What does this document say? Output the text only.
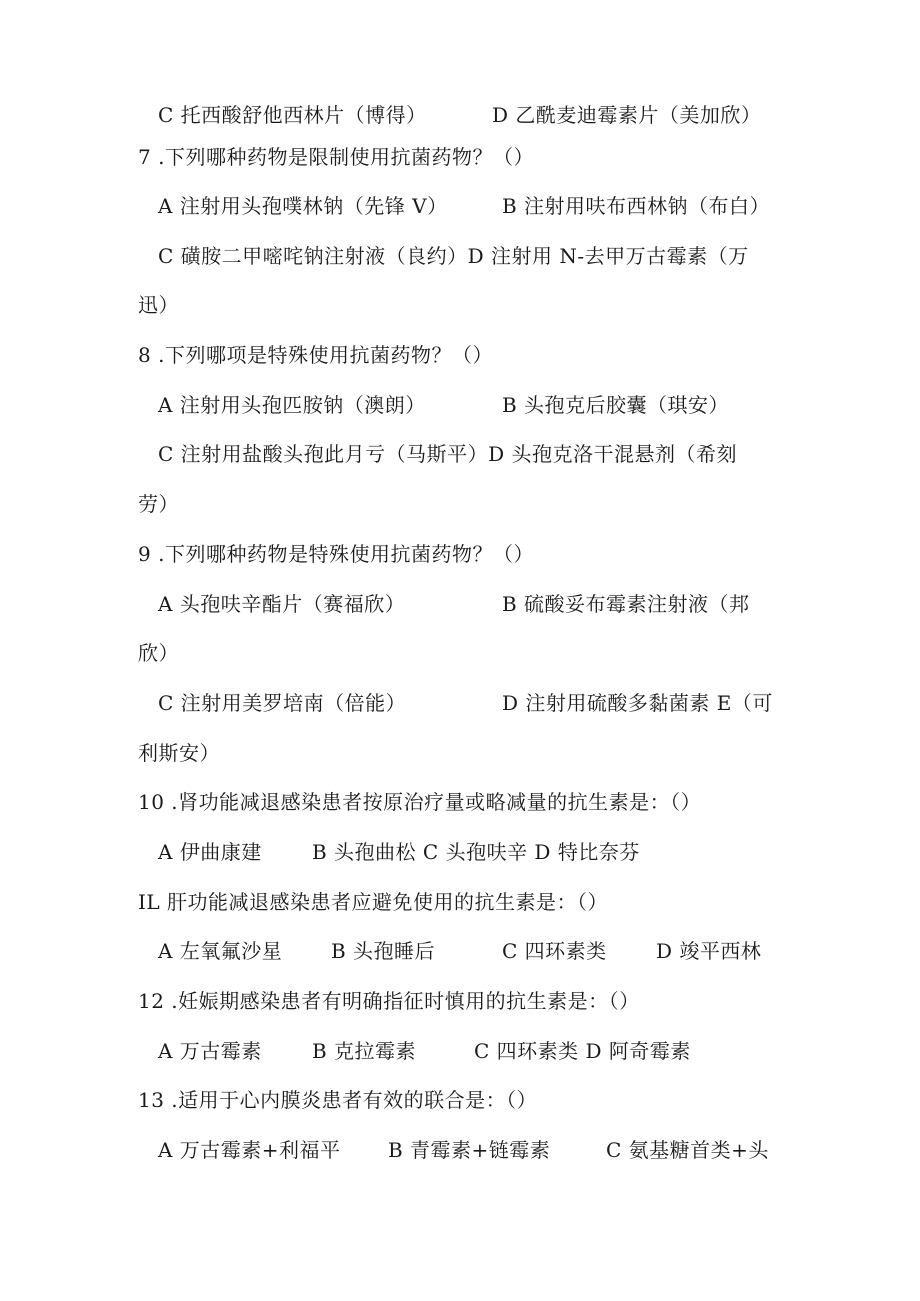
C 托西酸舒他西林片（博得）	D 乙酰麦迪霉素片（美加欣）
7 .下列哪种药物是限制使用抗菌药物？（）
A 注射用头孢噗林钠（先锋 V）	B 注射用呋布西林钠（布白）
C 磺胺二甲嘧咤钠注射液（良约）D 注射用 N-去甲万古霉素（万
迅）
8 .下列哪项是特殊使用抗菌药物？（）
A 注射用头孢匹胺钠（澳朗）	B 头孢克后胶囊（琪安）
C 注射用盐酸头孢此月亏（马斯平）D 头孢克洛干混悬剂（希刻
劳）
9 .下列哪种药物是特殊使用抗菌药物？（）
A 头孢呋辛酯片（赛福欣）	B 硫酸妥布霉素注射液（邦
欣）
C 注射用美罗培南（倍能）	D 注射用硫酸多黏菌素 E（可
利斯安）
10 .肾功能减退感染患者按原治疗量或略减量的抗生素是：（）
A 伊曲康建	B 头孢曲松 C 头孢呋辛 D 特比奈芬
IL 肝功能减退感染患者应避免使用的抗生素是：（）
A 左氧氟沙星 B 头孢睡后	C 四环素类 D 竣平西林
12 .妊娠期感染患者有明确指征时慎用的抗生素是：（）
A 万古霉素	B 克拉霉素	C 四环素类 D 阿奇霉素
13 .适用于心内膜炎患者有效的联合是：（）
A 万古霉素+利福平 B 青霉素+链霉素	C 氨基糖首类+头
